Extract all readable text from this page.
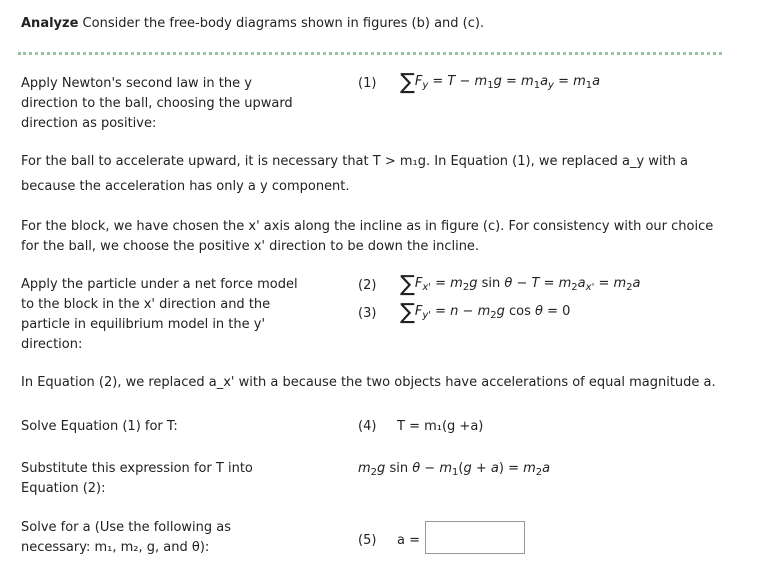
Analyze Consider the free-body diagrams shown in figures (b) and (c).
Apply Newton's second law in the y
direction to the ball, choosing the upward
direction as positive:
(1) $\sum F_y = T - m_1g = m_1a_y = m_1a$
For the ball to accelerate upward, it is necessary that T > m₁g. In Equation (1), we replaced a_y with a
because the acceleration has only a y component.
For the block, we have chosen the x' axis along the incline as in figure (c). For consistency with our choice
for the ball, we choose the positive x' direction to be down the incline.
Apply the particle under a net force model
to the block in the x' direction and the
particle in equilibrium model in the y'
direction:
(2) $\sum F_{x'} = m_2g$ $\sin \theta - T = m_2a_{x'} = m_2a$
(3) $\sum F_{y'} = n - m_2g$ cos θ = 0
In Equation (2), we replaced a_x' with a because the two objects have accelerations of equal magnitude a.
Solve Equation (1) for T:	(4) T = m₁(g +a)
Substitute this expression for T into
Equation (2):
$m_2g$ $\sin \theta - m_1(g + a) = m_2a$
Solve for a (Use the following as
necessary: m₁, m₂, g, and θ):	(5) a =
